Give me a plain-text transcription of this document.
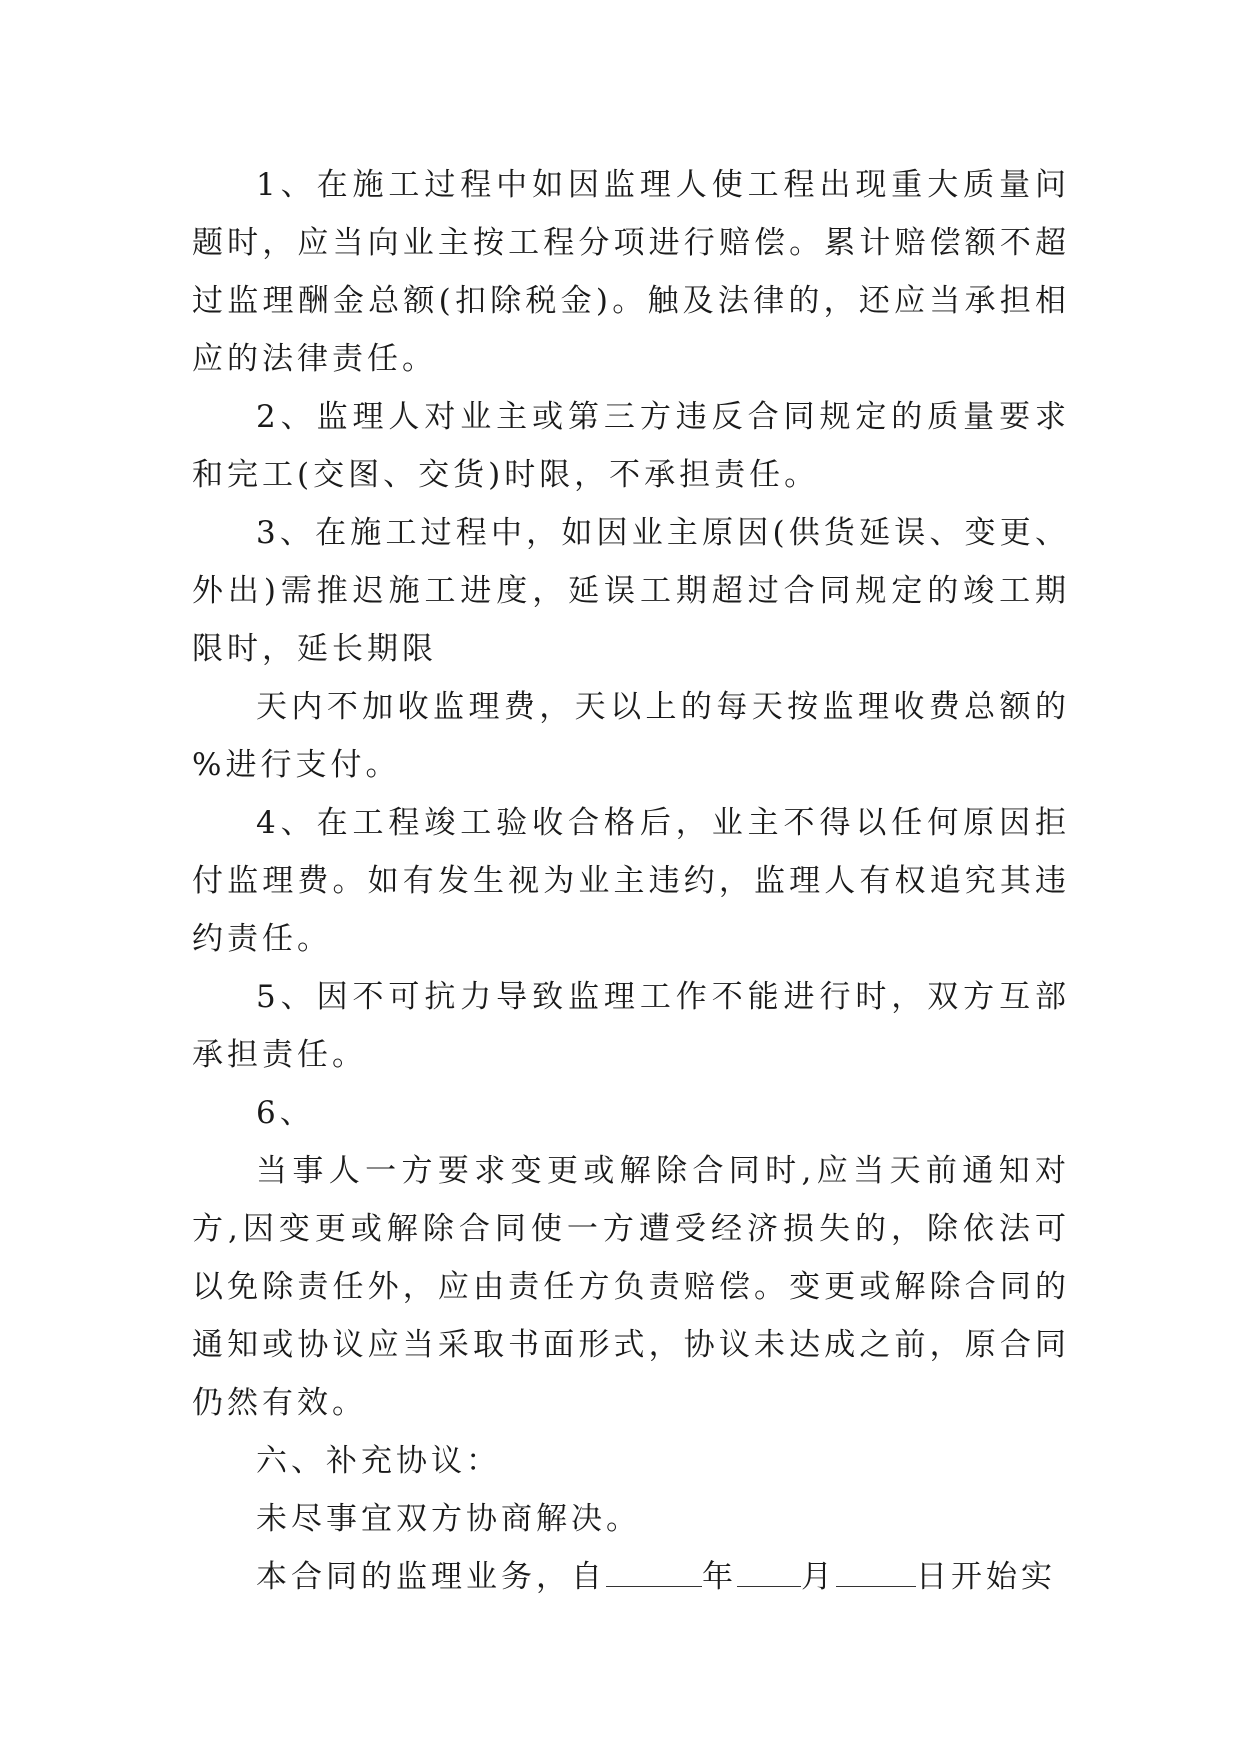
1、在施工过程中如因监理人使工程出现重大质量问题时，应当向业主按工程分项进行赔偿。累计赔偿额不超过监理酬金总额(扣除税金)。触及法律的，还应当承担相应的法律责任。

2、监理人对业主或第三方违反合同规定的质量要求和完工(交图、交货)时限，不承担责任。

3、在施工过程中，如因业主原因(供货延误、变更、外出)需推迟施工进度，延误工期超过合同规定的竣工期限时，延长期限

天内不加收监理费，天以上的每天按监理收费总额的 %进行支付。

4、在工程竣工验收合格后，业主不得以任何原因拒付监理费。如有发生视为业主违约，监理人有权追究其违约责任。

5、因不可抗力导致监理工作不能进行时，双方互部承担责任。

6、

当事人一方要求变更或解除合同时,应当天前通知对方,因变更或解除合同使一方遭受经济损失的，除依法可以免除责任外，应由责任方负责赔偿。变更或解除合同的通知或协议应当采取书面形式，协议未达成之前，原合同仍然有效。

六、补充协议：

未尽事宜双方协商解决。

本合同的监理业务，自	年 月	日开始实
